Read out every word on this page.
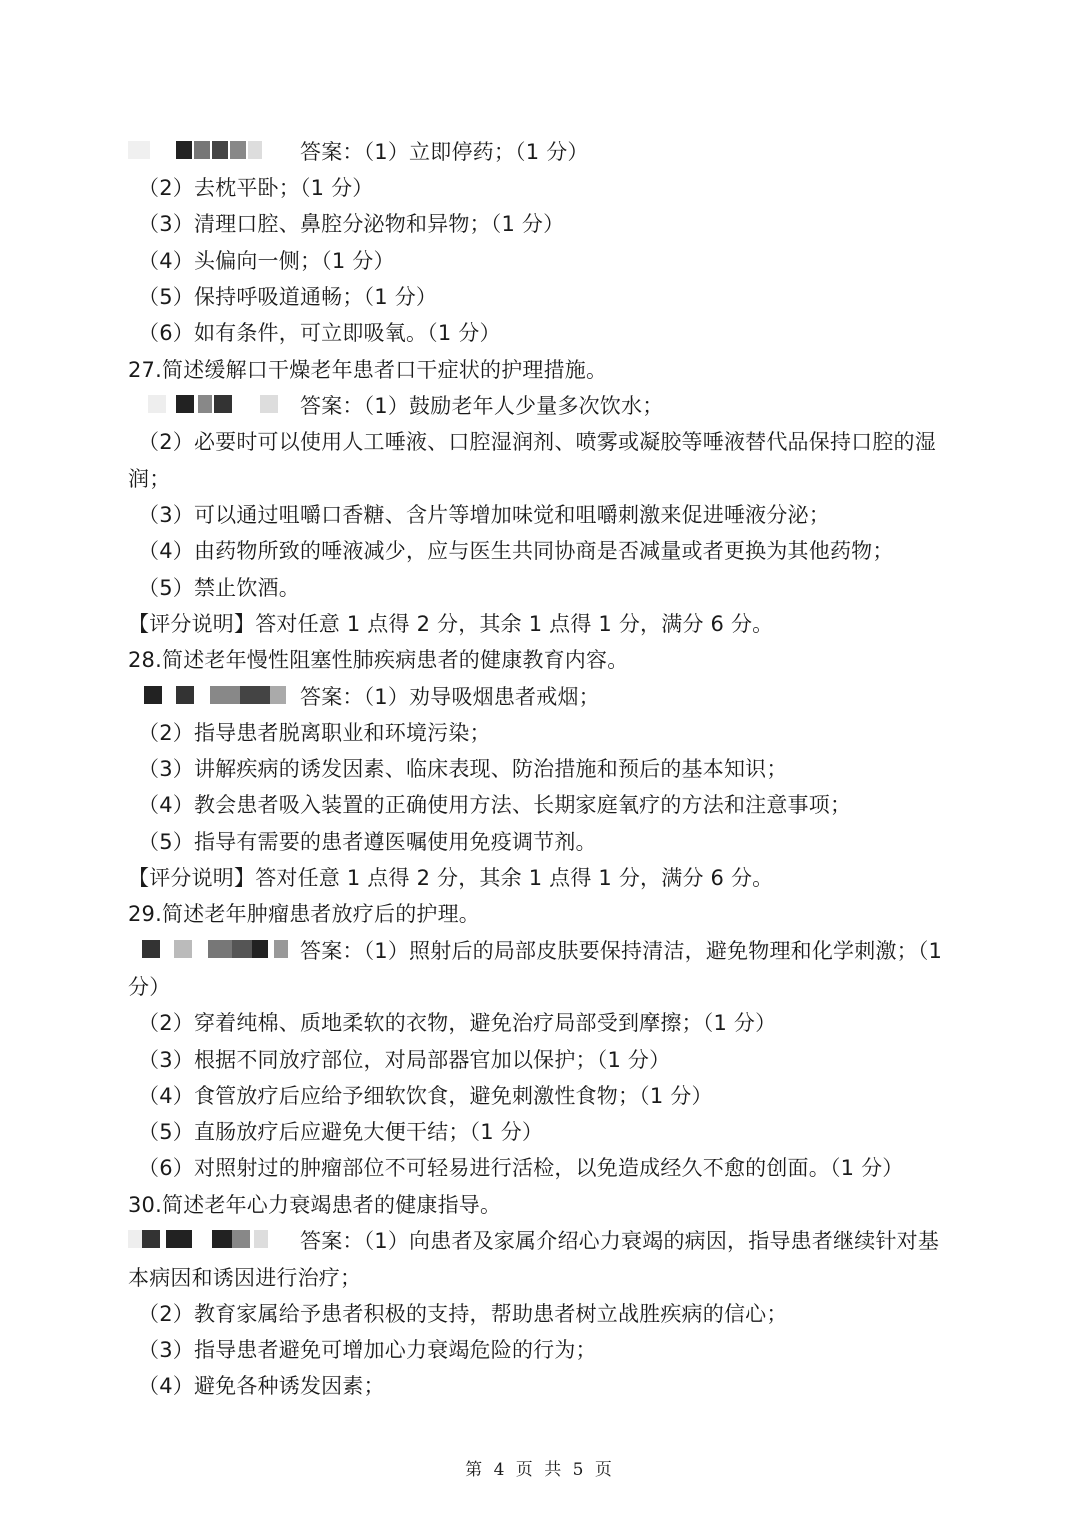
答案：（1）立即停药；（1 分）
（2）去枕平卧；（1 分）
（3）清理口腔、鼻腔分泌物和异物；（1 分）
（4）头偏向一侧；（1 分）
（5）保持呼吸道通畅；（1 分）
（6）如有条件，可立即吸氧。（1 分）
27.简述缓解口干燥老年患者口干症状的护理措施。
答案：（1）鼓励老年人少量多次饮水；
（2）必要时可以使用人工唾液、口腔湿润剂、喷雾或凝胶等唾液替代品保持口腔的湿
润；
（3）可以通过咀嚼口香糖、含片等增加味觉和咀嚼刺激来促进唾液分泌；
（4）由药物所致的唾液减少，应与医生共同协商是否减量或者更换为其他药物；
（5）禁止饮酒。
【评分说明】答对任意 1 点得 2 分，其余 1 点得 1 分，满分 6 分。
28.简述老年慢性阻塞性肺疾病患者的健康教育内容。
答案：（1）劝导吸烟患者戒烟；
（2）指导患者脱离职业和环境污染；
（3）讲解疾病的诱发因素、临床表现、防治措施和预后的基本知识；
（4）教会患者吸入装置的正确使用方法、长期家庭氧疗的方法和注意事项；
（5）指导有需要的患者遵医嘱使用免疫调节剂。
【评分说明】答对任意 1 点得 2 分，其余 1 点得 1 分，满分 6 分。
29.简述老年肿瘤患者放疗后的护理。
答案：（1）照射后的局部皮肤要保持清洁，避免物理和化学刺激；（1
分）
（2）穿着纯棉、质地柔软的衣物，避免治疗局部受到摩擦；（1 分）
（3）根据不同放疗部位，对局部器官加以保护；（1 分）
（4）食管放疗后应给予细软饮食，避免刺激性食物；（1 分）
（5）直肠放疗后应避免大便干结；（1 分）
（6）对照射过的肿瘤部位不可轻易进行活检，以免造成经久不愈的创面。（1 分）
30.简述老年心力衰竭患者的健康指导。
答案：（1）向患者及家属介绍心力衰竭的病因，指导患者继续针对基
本病因和诱因进行治疗；
（2）教育家属给予患者积极的支持，帮助患者树立战胜疾病的信心；
（3）指导患者避免可增加心力衰竭危险的行为；
（4）避免各种诱发因素；
第 4 页 共 5 页
